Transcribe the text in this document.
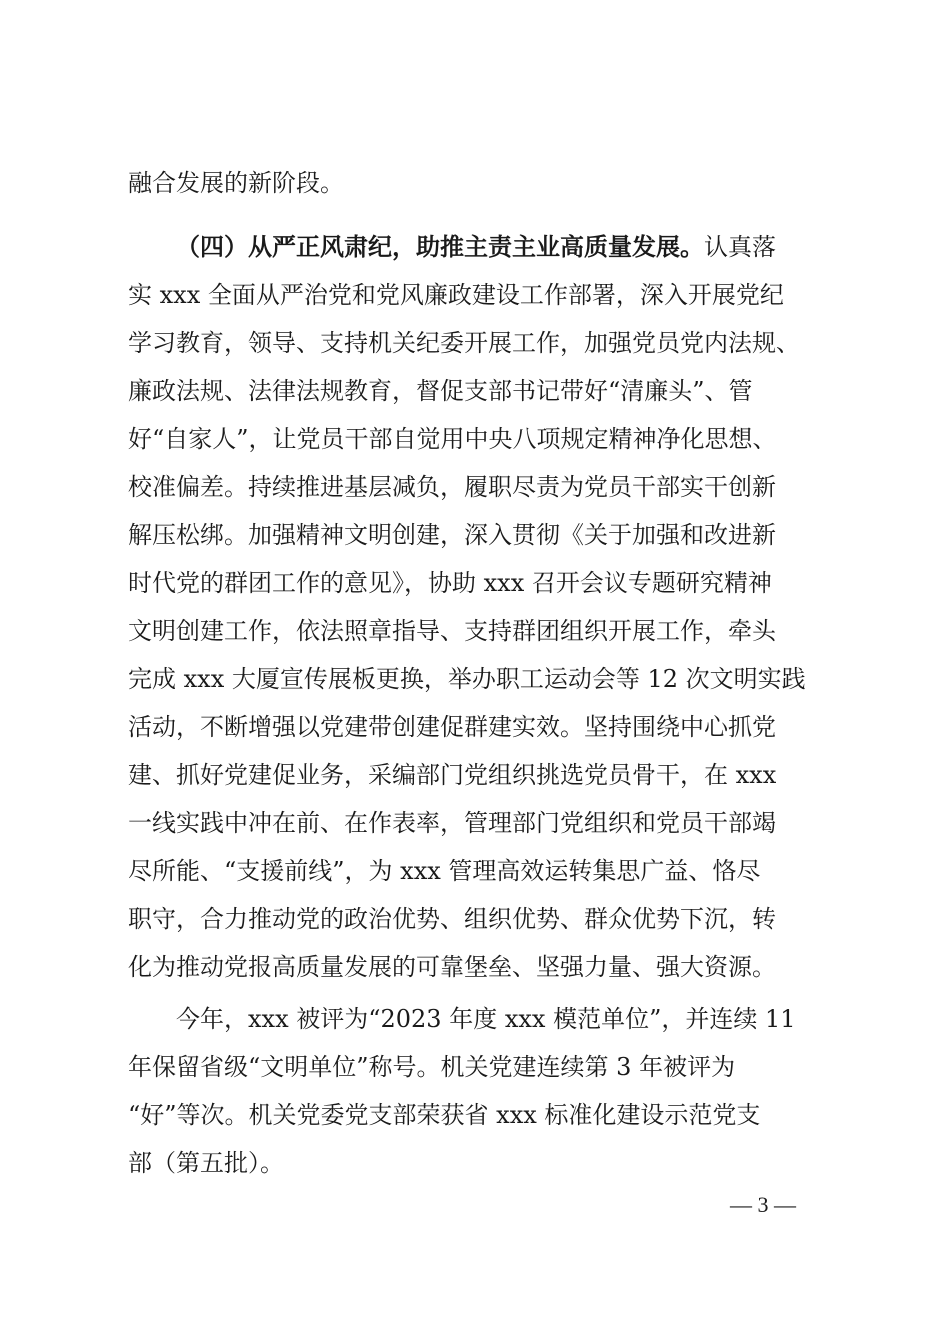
融合发展的新阶段。
（四）从严正风肃纪，助推主责主业高质量发展。认真落
实 xxx 全面从严治党和党风廉政建设工作部署，深入开展党纪
学习教育，领导、支持机关纪委开展工作，加强党员党内法规、
廉政法规、法律法规教育，督促支部书记带好“清廉头”、管
好“自家人”，让党员干部自觉用中央八项规定精神净化思想、
校准偏差。持续推进基层减负，履职尽责为党员干部实干创新
解压松绑。加强精神文明创建，深入贯彻《关于加强和改进新
时代党的群团工作的意见》，协助 xxx 召开会议专题研究精神
文明创建工作，依法照章指导、支持群团组织开展工作，牵头
完成 xxx 大厦宣传展板更换，举办职工运动会等 12 次文明实践
活动，不断增强以党建带创建促群建实效。坚持围绕中心抓党
建、抓好党建促业务，采编部门党组织挑选党员骨干，在 xxx
一线实践中冲在前、在作表率，管理部门党组织和党员干部竭
尽所能、“支援前线”，为 xxx 管理高效运转集思广益、恪尽
职守，合力推动党的政治优势、组织优势、群众优势下沉，转
化为推动党报高质量发展的可靠堡垒、坚强力量、强大资源。
今年，xxx 被评为“2023 年度 xxx 模范单位”，并连续 11
年保留省级“文明单位”称号。机关党建连续第 3 年被评为
“好”等次。机关党委党支部荣获省 xxx 标准化建设示范党支
部（第五批）。
— 3 —
